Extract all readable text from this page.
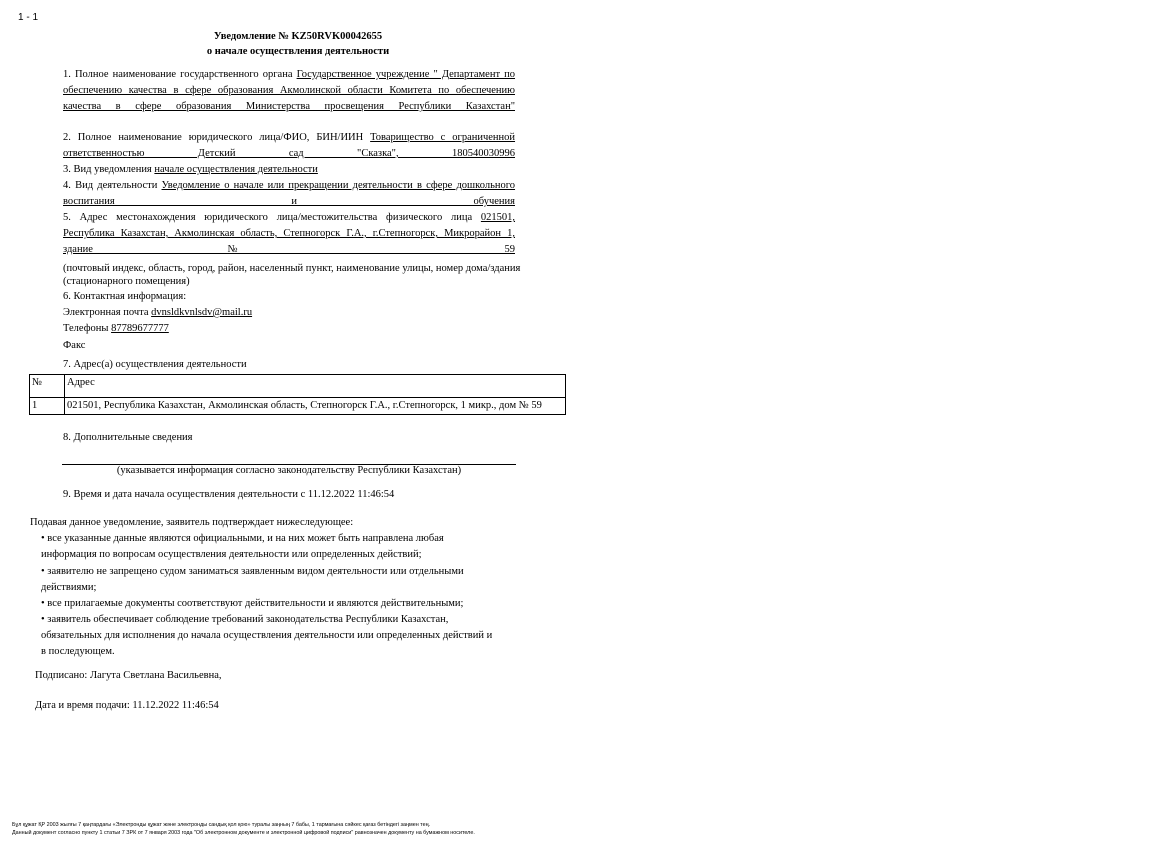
1 - 1
Уведомление № KZ50RVK00042655
о начале осуществления деятельности
1. Полное наименование государственного органа Государственное учреждение " Департамент по обеспечению качества в сфере образования Акмолинской области Комитета по обеспечению качества в сфере образования Министерства просвещения Республики Казахстан"
2. Полное наименование юридического лица/ФИО, БИН/ИИН Товарищество с ограниченной ответственностью Детский сад "Сказка", 180540030996
3. Вид уведомления начале осуществления деятельности
4. Вид деятельности Уведомление о начале или прекращении деятельности в сфере дошкольного воспитания и обучения
5. Адрес местонахождения юридического лица/местожительства физического лица 021501, Республика Казахстан, Акмолинская область, Степногорск Г.А., г.Степногорск, Микрорайон 1, здание № 59
(почтовый индекс, область, город, район, населенный пункт, наименование улицы, номер дома/здания (стационарного помещения)
6. Контактная информация:
Электронная почта dvnsldkvnlsdv@mail.ru
Телефоны 87789677777
Факс
7. Адрес(а) осуществления деятельности
№	Адрес
1	021501, Республика Казахстан, Акмолинская область, Степногорск Г.А., г.Степногорск, 1 микр., дом № 59
8. Дополнительные сведения
(указывается информация согласно законодательству Республики Казахстан)
9. Время и дата начала осуществления деятельности с 11.12.2022 11:46:54
Подавая данное уведомление, заявитель подтверждает нижеследующее:
• все указанные данные являются официальными, и на них может быть направлена любая
информация по вопросам осуществления деятельности или определенных действий;
• заявителю не запрещено судом заниматься заявленным видом деятельности или отдельными
действиями;
• все прилагаемые документы соответствуют действительности и являются действительными;
• заявитель обеспечивает соблюдение требований законодательства Республики Казахстан,
обязательных для исполнения до начала осуществления деятельности или определенных действий и
в последующем.
Подписано: Лагута Светлана Васильевна,
Дата и время подачи: 11.12.2022 11:46:54
Бұл құжат ҚР 2003 жылғы 7 қаңтардағы «Электронды құжат және электронды сандық қол қою» туралы заңның 7 бабы, 1 тармағына сәйкес қағаз бетіндегі заңмен тең.
Данный документ согласно пункту 1 статьи 7 ЗРК от 7 января 2003 года "Об электронном документе и электронной цифровой подписи" равнозначен документу на бумажном носителе.
